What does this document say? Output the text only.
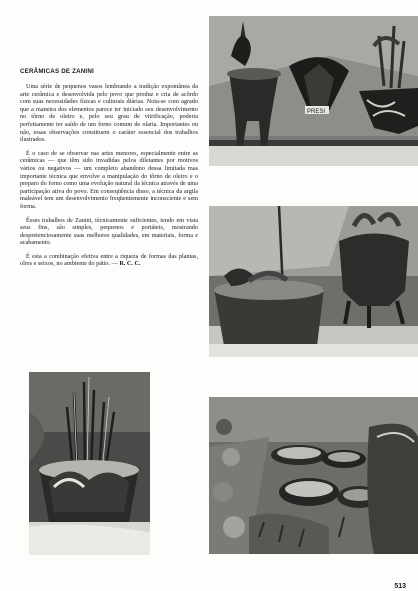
CERÂMICAS DE ZANINI

Uma série de pequenos vasos lembrando a tradição expontânea da arte cerâmica e desenvolvida pelo povo que produz e cria de acôrdo com suas necessidades físicas e culturais diárias. Nota-se com agrado que a maneira dos elementos parece ter iniciado seu desenvolvimento no tôrno de oleiro e, pelo seu grau de vitrificação, poderia perfeitamente ter saído de um forno comum de olaria. Importantes ou não, essas observações constituem o caráter essencial dos trabalhos ilustrados.

É o caso de se observar nas artes menores, especialmente entre as cerâmicas — que têm sido invadidas pelos diletantes por motivos vários ou negativos — um completo abandono dessa limitada mas importante técnica que envolve a manipulação do tôrno de oleiro e o preparo do forno como uma evolução natural da técnica através de uma participação ativa do povo. Em conseqüência disso, a técnica da argila maleável tem um desenvolvimento freqüentemente inconsciente e sem forma.

Êsses trabalhos de Zanini, tècnicamente suficientes, tendo em vista seus fins, são simples, pequenos e portáteis, mostrando despretenciosamente suas melhores qualidades, em materiais, forma e acabamento.

É esta a combinação efetiva entre a riqueza de formas das plantas, olres e seixos, no ambiente do pátio. — R. C. C.

PRESI
513
